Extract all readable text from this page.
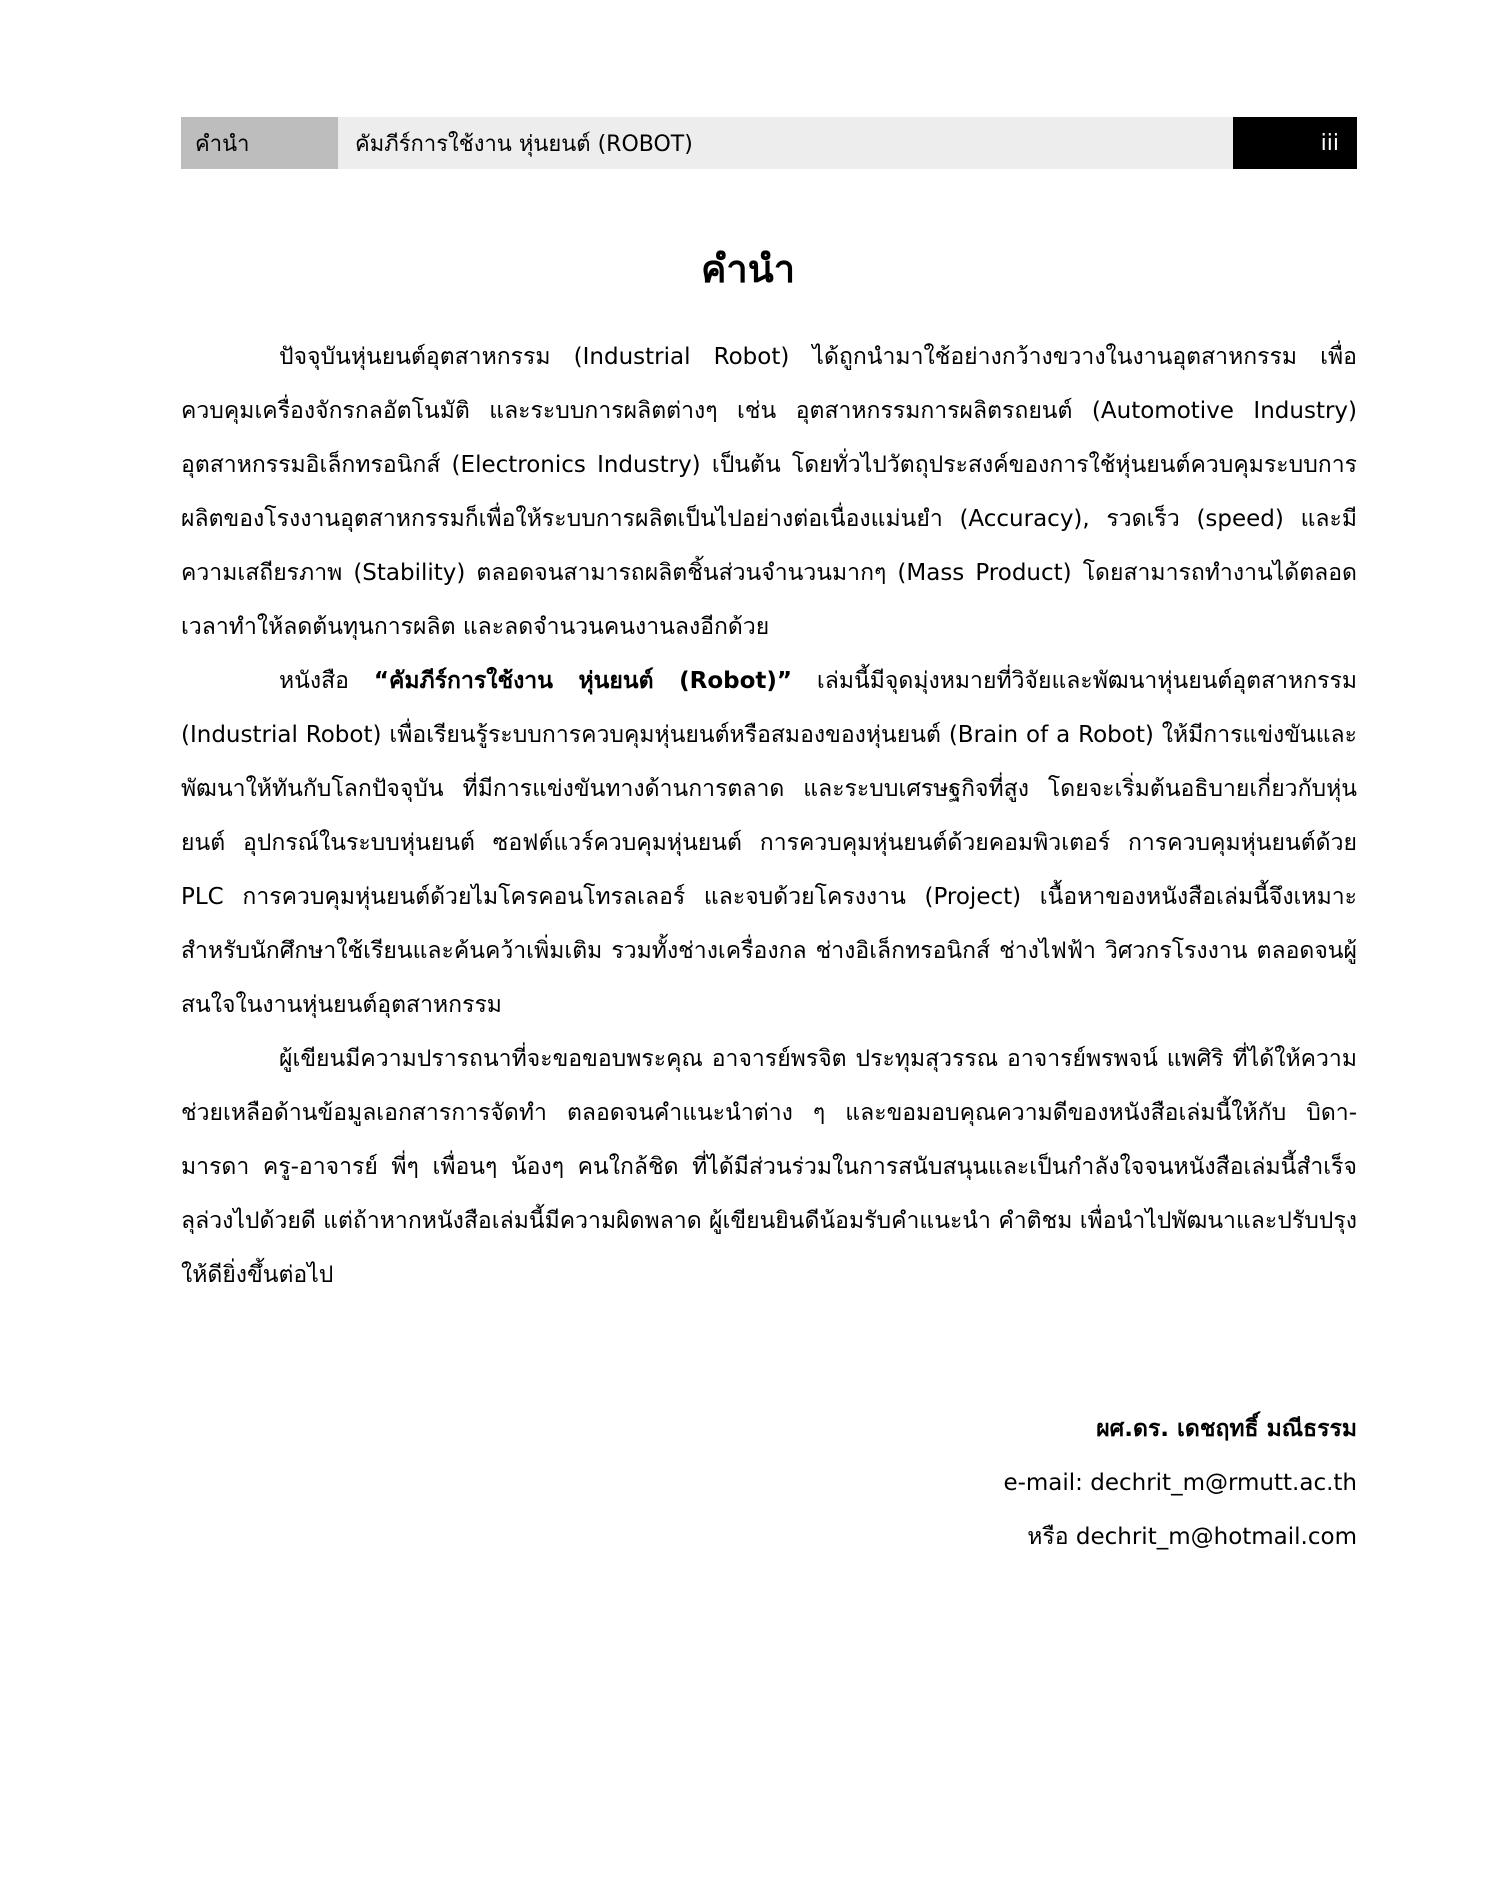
คำนำ	คัมภีร์การใช้งาน หุ่นยนต์ (ROBOT)	iii
คำนำ

ปัจจุบันหุ่นยนต์อุตสาหกรรม (Industrial Robot) ได้ถูกนำมาใช้อย่างกว้างขวางในงานอุตสาหกรรม เพื่อควบคุมเครื่องจักรกลอัตโนมัติ และระบบการผลิตต่างๆ เช่น อุตสาหกรรมการผลิตรถยนต์ (Automotive Industry) อุตสาหกรรมอิเล็กทรอนิกส์ (Electronics Industry) เป็นต้น โดยทั่วไปวัตถุประสงค์ของการใช้หุ่นยนต์ควบคุมระบบการผลิตของโรงงานอุตสาหกรรมก็เพื่อให้ระบบการผลิตเป็นไปอย่างต่อเนื่องแม่นยำ (Accuracy), รวดเร็ว (speed) และมีความเสถียรภาพ (Stability) ตลอดจนสามารถผลิตชิ้นส่วนจำนวนมากๆ (Mass Product) โดยสามารถทำงานได้ตลอดเวลาทำให้ลดต้นทุนการผลิต และลดจำนวนคนงานลงอีกด้วย

หนังสือ “คัมภีร์การใช้งาน หุ่นยนต์ (Robot)” เล่มนี้มีจุดมุ่งหมายที่วิจัยและพัฒนาหุ่นยนต์อุตสาหกรรม (Industrial Robot) เพื่อเรียนรู้ระบบการควบคุมหุ่นยนต์หรือสมองของหุ่นยนต์ (Brain of a Robot) ให้มีการแข่งขันและพัฒนาให้ทันกับโลกปัจจุบัน ที่มีการแข่งขันทางด้านการตลาด และระบบเศรษฐกิจที่สูง โดยจะเริ่มต้นอธิบายเกี่ยวกับหุ่นยนต์ อุปกรณ์ในระบบหุ่นยนต์ ซอฟต์แวร์ควบคุมหุ่นยนต์ การควบคุมหุ่นยนต์ด้วยคอมพิวเตอร์ การควบคุมหุ่นยนต์ด้วย PLC การควบคุมหุ่นยนต์ด้วยไมโครคอนโทรลเลอร์ และจบด้วยโครงงาน (Project) เนื้อหาของหนังสือเล่มนี้จึงเหมาะสำหรับนักศึกษาใช้เรียนและค้นคว้าเพิ่มเติม รวมทั้งช่างเครื่องกล ช่างอิเล็กทรอนิกส์ ช่างไฟฟ้า วิศวกรโรงงาน ตลอดจนผู้สนใจในงานหุ่นยนต์อุตสาหกรรม

ผู้เขียนมีความปรารถนาที่จะขอขอบพระคุณ อาจารย์พรจิต ประทุมสุวรรณ อาจารย์พรพจน์ แพศิริ ที่ได้ให้ความช่วยเหลือด้านข้อมูลเอกสารการจัดทำ ตลอดจนคำแนะนำต่าง ๆ และขอมอบคุณความดีของหนังสือเล่มนี้ให้กับ บิดา-มารดา ครู-อาจารย์ พี่ๆ เพื่อนๆ น้องๆ คนใกล้ชิด ที่ได้มีส่วนร่วมในการสนับสนุนและเป็นกำลังใจจนหนังสือเล่มนี้สำเร็จลุล่วงไปด้วยดี แต่ถ้าหากหนังสือเล่มนี้มีความผิดพลาด ผู้เขียนยินดีน้อมรับคำแนะนำ คำติชม เพื่อนำไปพัฒนาและปรับปรุงให้ดียิ่งขึ้นต่อไป

ผศ.ดร. เดชฤทธิ์ มณีธรรม
e-mail: dechrit_m@rmutt.ac.th
หรือ dechrit_m@hotmail.com
